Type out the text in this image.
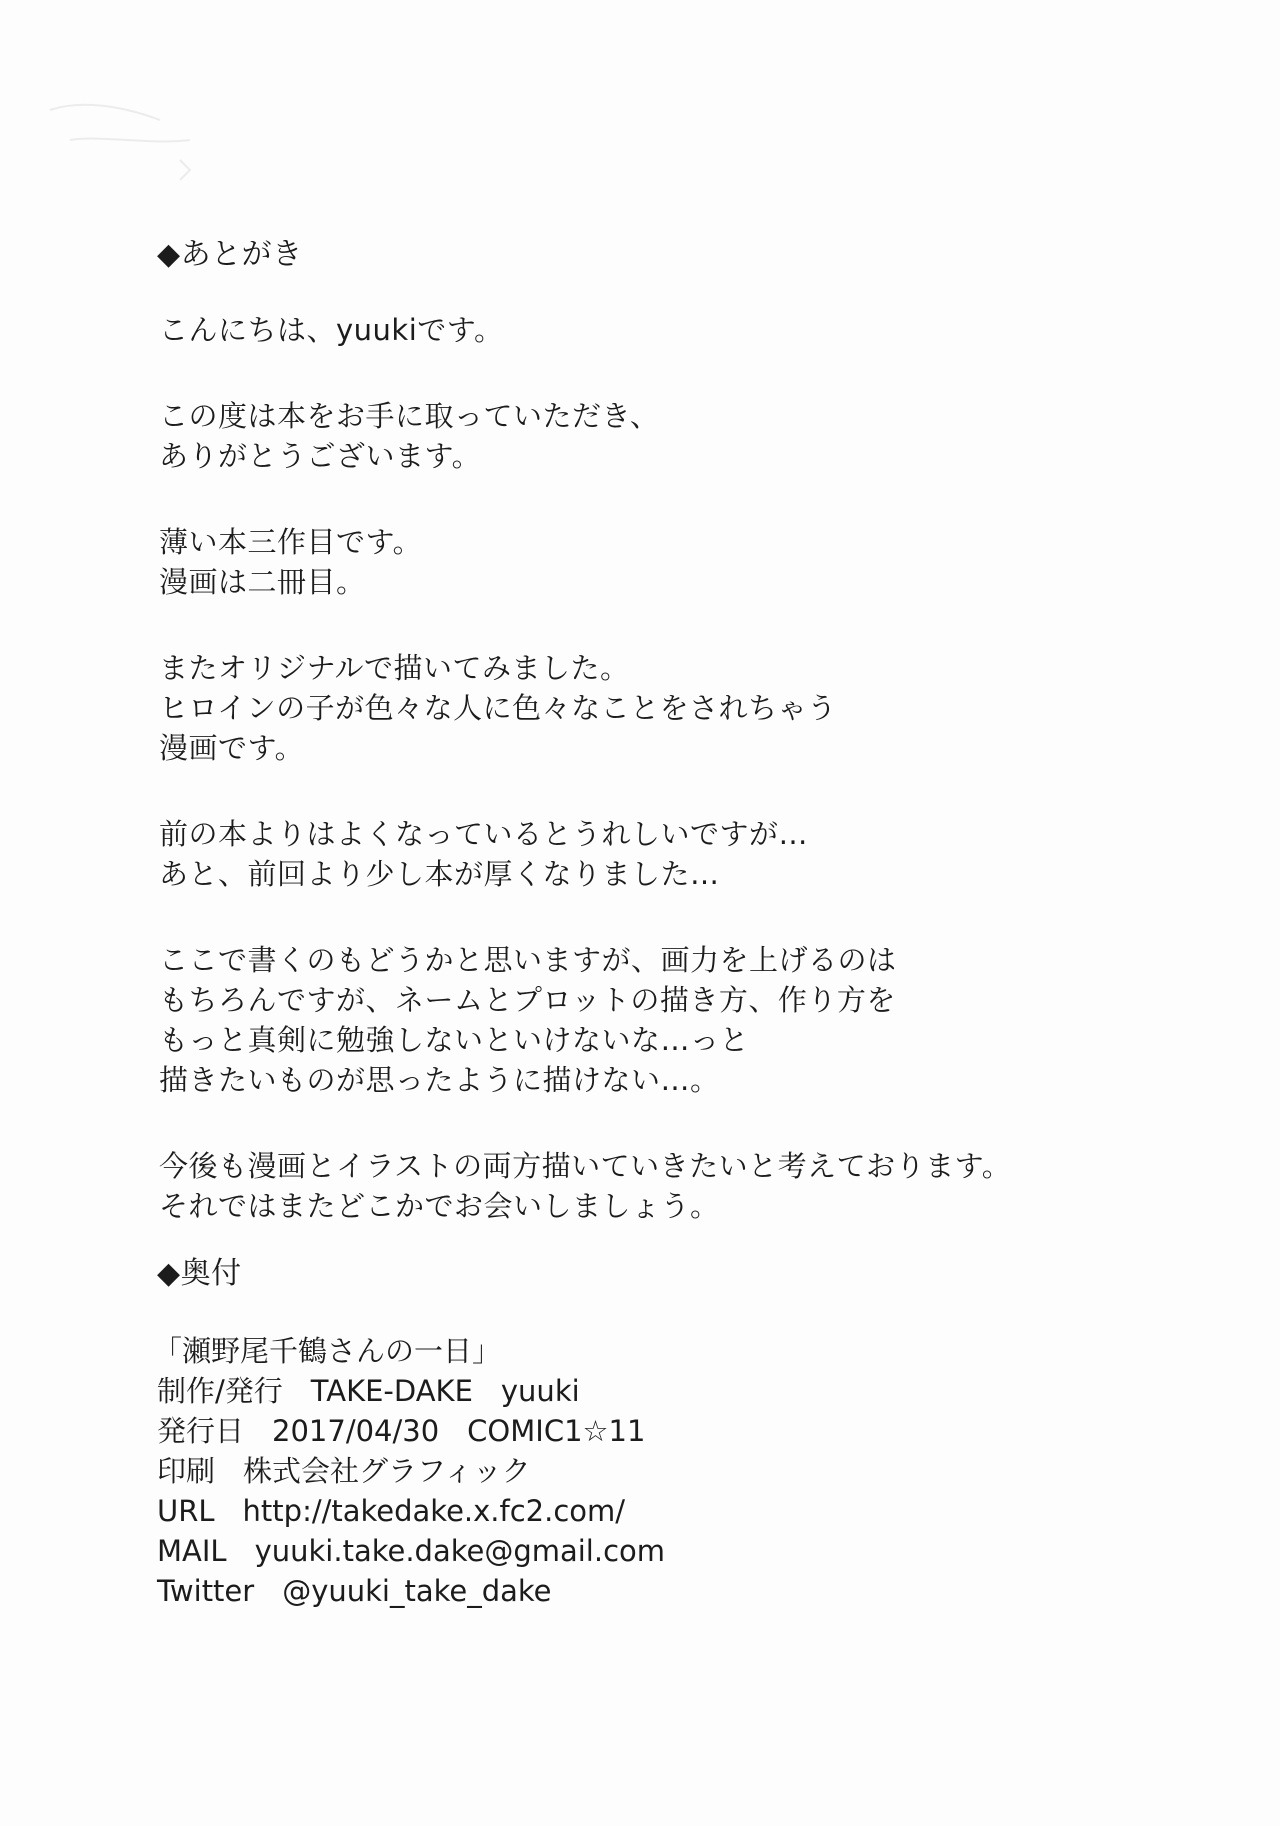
◆あとがき
こんにちは、yuukiです。
この度は本をお手に取っていただき、
ありがとうございます。
薄い本三作目です。
漫画は二冊目。
またオリジナルで描いてみました。
ヒロインの子が色々な人に色々なことをされちゃう
漫画です。
前の本よりはよくなっているとうれしいですが…
あと、前回より少し本が厚くなりました…
ここで書くのもどうかと思いますが、画力を上げるのは
もちろんですが、ネームとプロットの描き方、作り方を
もっと真剣に勉強しないといけないな…っと
描きたいものが思ったように描けない…。
今後も漫画とイラストの両方描いていきたいと考えております。
それではまたどこかでお会いしましょう。
◆奥付
「瀬野尾千鶴さんの一日」
制作/発行 TAKE-DAKE yuuki
発行日 2017/04/30 COMIC1☆11
印刷 株式会社グラフィック
URL http://takedake.x.fc2.com/
MAIL yuuki.take.dake@gmail.com
Twitter @yuuki_take_dake
